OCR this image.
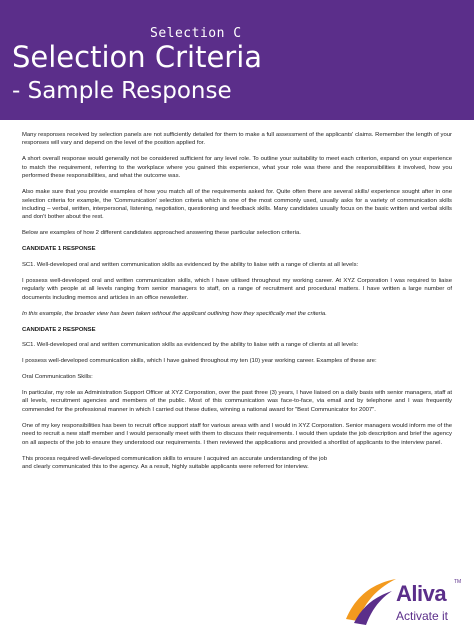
Selection C
Selection Criteria
- Sample Response

Many responses received by selection panels are not sufficiently detailed for them to make a full assessment of the applicants' claims. Remember the length of your responses will vary and depend on the level of the position applied for.

A short overall response would generally not be considered sufficient for any level role. To outline your suitability to meet each criterion, expand on your experience to match the requirement, referring to the workplace where you gained this experience, what your role was there and the responsibilities it involved, how you performed these responsibilities, and what the outcome was.

Also make sure that you provide examples of how you match all of the requirements asked for. Quite often there are several skills/ experience sought after in one selection criteria for example, the 'Communication' selection criteria which is one of the most commonly used, usually asks for a variety of communication skills including – verbal, written, interpersonal, listening, negotiation, questioning and feedback skills. Many candidates usually focus on the basic written and verbal skills and don't bother about the rest.

Below are examples of how 2 different candidates approached answering these particular selection criteria.

CANDIDATE 1 RESPONSE

SC1. Well-developed oral and written communication skills as evidenced by the ability to liaise with a range of clients at all levels:

I possess well-developed oral and written communication skills, which I have utilised throughout my working career. At XYZ Corporation I was required to liaise regularly with people at all levels ranging from senior managers to staff, on a range of recruitment and procedural matters. I have written a large number of documents including memos and articles in an office newsletter.

In this example, the broader view has been taken without the applicant outlining how they specifically met the criteria.

CANDIDATE 2 RESPONSE

SC1. Well-developed oral and written communication skills as evidenced by the ability to liaise with a range of clients at all levels:

I possess well-developed communication skills, which I have gained throughout my ten (10) year working career. Examples of these are:

Oral Communication Skills:

In particular, my role as Administration Support Officer at XYZ Corporation, over the past three (3) years, I have liaised on a daily basis with senior managers, staff at all levels, recruitment agencies and members of the public. Most of this communication was face-to-face, via email and by telephone and I was frequently commended for the professional manner in which I carried out these duties, winning a national award for "Best Communicator for 2007".

One of my key responsibilities has been to recruit office support staff for various areas with and I would in XYZ Corporation. Senior managers would inform me of the need to recruit a new staff member and I would personally meet with them to discuss their requirements. I would then update the job description and brief the agency on all aspects of the job to ensure they understood our requirements. I then reviewed the applications and provided a shortlist of applicants to the interview panel.

This process required well-developed communication skills to ensure I acquired an accurate understanding of the job and clearly communicated this to the agency. As a result, highly suitable applicants were referred for interview.

Aliva TM
Activate it
